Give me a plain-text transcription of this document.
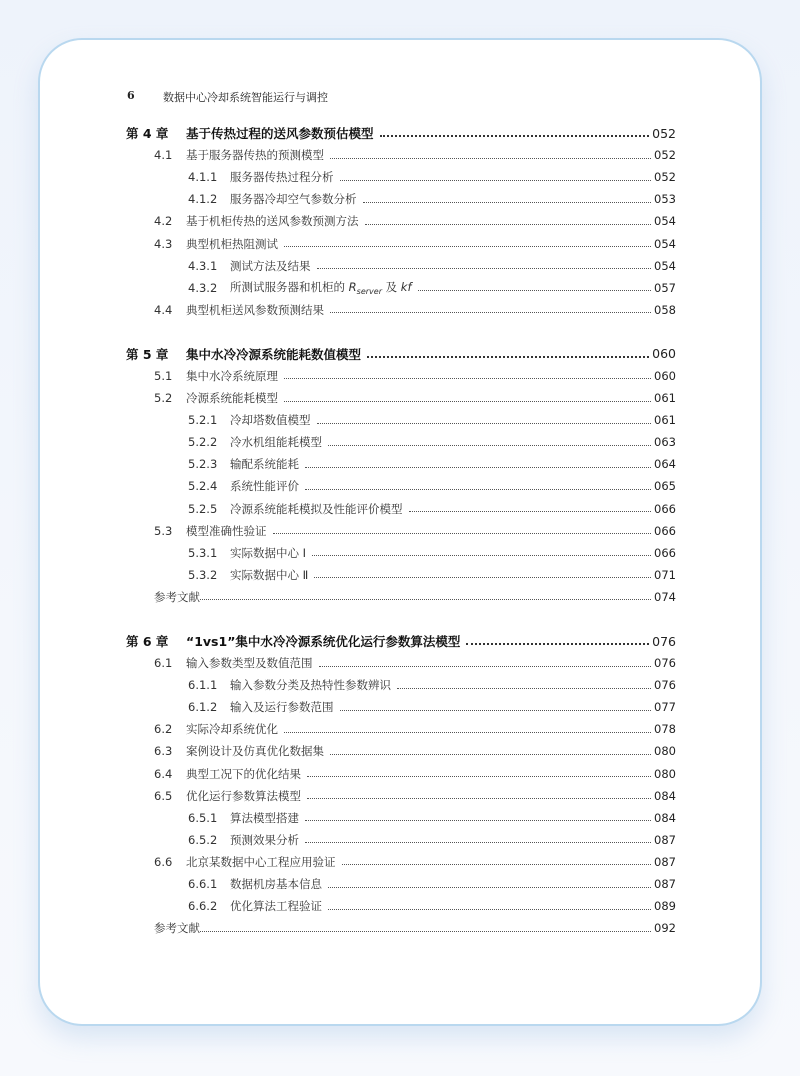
6	数据中心冷却系统智能运行与调控
第 4 章	基于传热过程的送风参数预估模型	052
4.1	基于服务器传热的预测模型	052
4.1.1	服务器传热过程分析	052
4.1.2	服务器冷却空气参数分析	053
4.2	基于机柜传热的送风参数预测方法	054
4.3	典型机柜热阻测试	054
4.3.1	测试方法及结果	054
4.3.2	所测试服务器和机柜的 $R_{server}$ 及 kf	057
4.4	典型机柜送风参数预测结果	058
第 5 章	集中水冷冷源系统能耗数值模型	060
5.1	集中水冷系统原理	060
5.2	冷源系统能耗模型	061
5.2.1	冷却塔数值模型	061
5.2.2	冷水机组能耗模型	063
5.2.3	输配系统能耗	064
5.2.4	系统性能评价	065
5.2.5	冷源系统能耗模拟及性能评价模型	066
5.3	模型准确性验证	066
5.3.1	实际数据中心 Ⅰ	066
5.3.2	实际数据中心 Ⅱ	071
参考文献	074
第 6 章	“1vs1”集中水冷冷源系统优化运行参数算法模型	076
6.1	输入参数类型及数值范围	076
6.1.1	输入参数分类及热特性参数辨识	076
6.1.2	输入及运行参数范围	077
6.2	实际冷却系统优化	078
6.3	案例设计及仿真优化数据集	080
6.4	典型工况下的优化结果	080
6.5	优化运行参数算法模型	084
6.5.1	算法模型搭建	084
6.5.2	预测效果分析	087
6.6	北京某数据中心工程应用验证	087
6.6.1	数据机房基本信息	087
6.6.2	优化算法工程验证	089
参考文献	092
